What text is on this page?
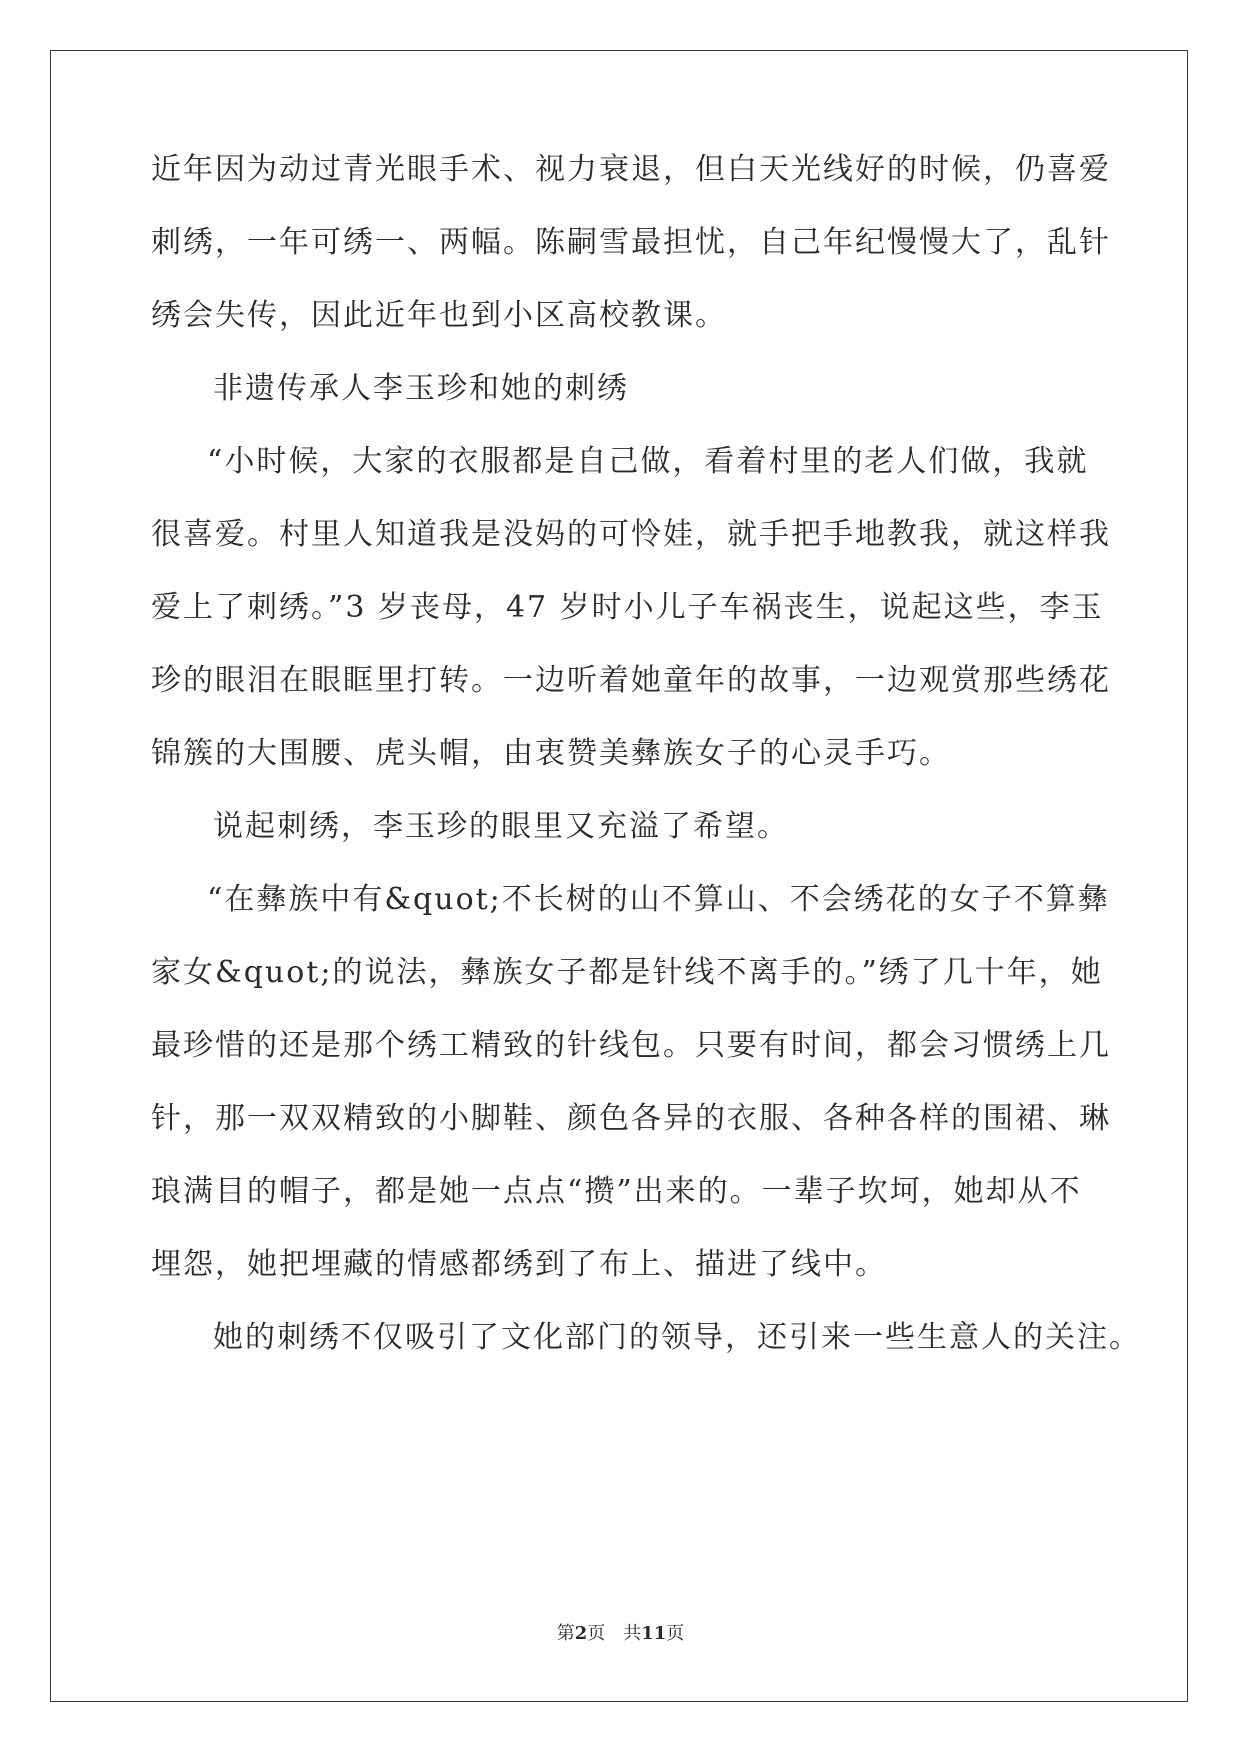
近年因为动过青光眼手术、视力衰退，但白天光线好的时候，仍喜爱
刺绣，一年可绣一、两幅。陈嗣雪最担忧，自己年纪慢慢大了，乱针
绣会失传，因此近年也到小区高校教课。
非遗传承人李玉珍和她的刺绣
“小时候，大家的衣服都是自己做，看着村里的老人们做，我就
很喜爱。村里人知道我是没妈的可怜娃，就手把手地教我，就这样我
爱上了刺绣。”3 岁丧母，47 岁时小儿子车祸丧生，说起这些，李玉
珍的眼泪在眼眶里打转。一边听着她童年的故事，一边观赏那些绣花
锦簇的大围腰、虎头帽，由衷赞美彝族女子的心灵手巧。
说起刺绣，李玉珍的眼里又充溢了希望。
“在彝族中有&quot;不长树的山不算山、不会绣花的女子不算彝
家女&quot;的说法，彝族女子都是针线不离手的。”绣了几十年，她
最珍惜的还是那个绣工精致的针线包。只要有时间，都会习惯绣上几
针，那一双双精致的小脚鞋、颜色各异的衣服、各种各样的围裙、琳
琅满目的帽子，都是她一点点“攒”出来的。一辈子坎坷，她却从不
埋怨，她把埋藏的情感都绣到了布上、描进了线中。
她的刺绣不仅吸引了文化部门的领导，还引来一些生意人的关注。
第2页　共11页
